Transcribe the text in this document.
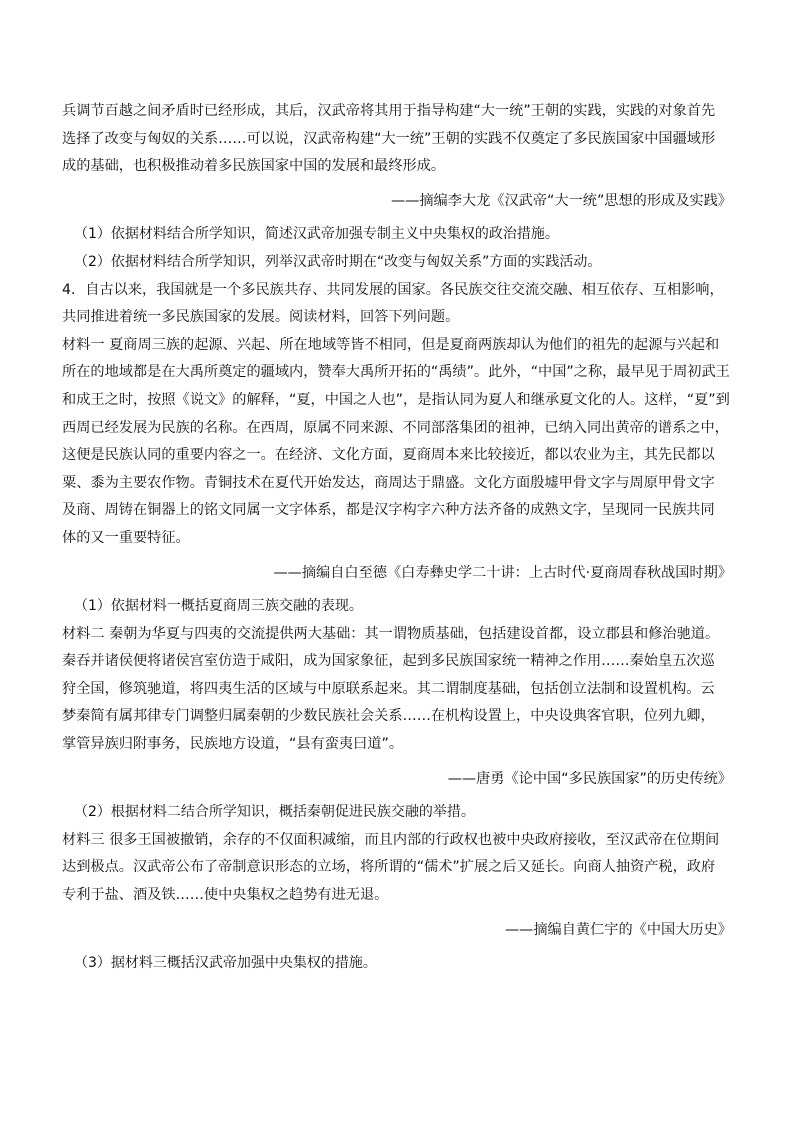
兵调节百越之间矛盾时已经形成，其后，汉武帝将其用于指导构建“大一统”王朝的实践，实践的对象首先
选择了改变与匈奴的关系……可以说，汉武帝构建“大一统”王朝的实践不仅奠定了多民族国家中国疆域形
成的基础，也积极推动着多民族国家中国的发展和最终形成。
——摘编李大龙《汉武帝“大一统”思想的形成及实践》
（1）依据材料结合所学知识，简述汉武帝加强专制主义中央集权的政治措施。
（2）依据材料结合所学知识，列举汉武帝时期在“改变与匈奴关系”方面的实践活动。
4．自古以来，我国就是一个多民族共存、共同发展的国家。各民族交往交流交融、相互依存、互相影响，
共同推进着统一多民族国家的发展。阅读材料，回答下列问题。
材料一 夏商周三族的起源、兴起、所在地域等皆不相同，但是夏商两族却认为他们的祖先的起源与兴起和
所在的地域都是在大禹所奠定的疆域内，赞奉大禹所开拓的“禹绩”。此外，“中国”之称，最早见于周初武王
和成王之时，按照《说文》的解释，“夏，中国之人也”，是指认同为夏人和继承夏文化的人。这样，“夏”到
西周已经发展为民族的名称。在西周，原属不同来源、不同部落集团的祖神，已纳入同出黄帝的谱系之中，
这便是民族认同的重要内容之一。在经济、文化方面，夏商周本来比较接近，都以农业为主，其先民都以
粟、黍为主要农作物。青铜技术在夏代开始发达，商周达于鼎盛。文化方面殷墟甲骨文字与周原甲骨文字
及商、周铸在铜器上的铭文同属一文字体系，都是汉字构字六种方法齐备的成熟文字，呈现同一民族共同
体的又一重要特征。
——摘编自白至德《白寿彝史学二十讲：上古时代·夏商周春秋战国时期》
（1）依据材料一概括夏商周三族交融的表现。
材料二 秦朝为华夏与四夷的交流提供两大基础：其一谓物质基础，包括建设首都，设立郡县和修治驰道。
秦吞并诸侯便将诸侯宫室仿造于咸阳，成为国家象征，起到多民族国家统一精神之作用……秦始皇五次巡
狩全国，修筑驰道，将四夷生活的区域与中原联系起来。其二谓制度基础，包括创立法制和设置机构。云
梦秦简有属邦律专门调整归属秦朝的少数民族社会关系……在机构设置上，中央设典客官职，位列九卿，
掌管异族归附事务，民族地方设道，“县有蛮夷曰道”。
——唐勇《论中国“多民族国家”的历史传统》
（2）根据材料二结合所学知识，概括秦朝促进民族交融的举措。
材料三 很多王国被撤销，余存的不仅面积减缩，而且内部的行政权也被中央政府接收，至汉武帝在位期间
达到极点。汉武帝公布了帝制意识形态的立场，将所谓的“儒术”扩展之后又延长。向商人抽资产税，政府
专利于盐、酒及铁……使中央集权之趋势有进无退。
——摘编自黄仁宇的《中国大历史》
（3）据材料三概括汉武帝加强中央集权的措施。
